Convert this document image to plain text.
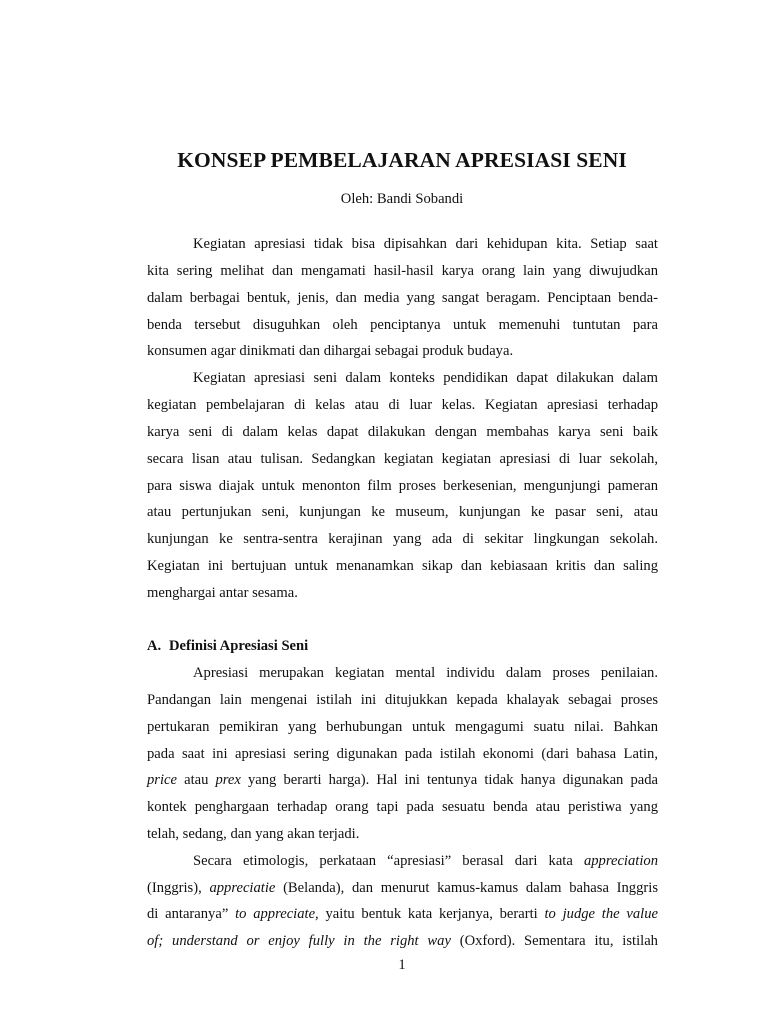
KONSEP PEMBELAJARAN APRESIASI SENI
Oleh: Bandi Sobandi
Kegiatan apresiasi tidak bisa dipisahkan dari kehidupan kita. Setiap saat
kita sering melihat dan mengamati hasil-hasil karya orang lain yang diwujudkan
dalam berbagai bentuk, jenis, dan media yang sangat beragam. Penciptaan benda-
benda tersebut disuguhkan oleh penciptanya untuk memenuhi tuntutan para
konsumen agar dinikmati dan dihargai sebagai produk budaya.
Kegiatan apresiasi seni dalam konteks pendidikan dapat dilakukan dalam
kegiatan pembelajaran di kelas atau di luar kelas. Kegiatan apresiasi terhadap
karya seni di dalam kelas dapat dilakukan dengan membahas karya seni baik
secara lisan atau tulisan. Sedangkan kegiatan kegiatan apresiasi di luar sekolah,
para siswa diajak untuk menonton film proses berkesenian, mengunjungi pameran
atau pertunjukan seni, kunjungan ke museum, kunjungan ke pasar seni, atau
kunjungan ke sentra-sentra kerajinan yang ada di sekitar lingkungan sekolah.
Kegiatan ini bertujuan untuk menanamkan sikap dan kebiasaan kritis dan saling
menghargai antar sesama.
A. Definisi Apresiasi Seni
Apresiasi merupakan kegiatan mental individu dalam proses penilaian.
Pandangan lain mengenai istilah ini ditujukkan kepada khalayak sebagai proses
pertukaran pemikiran yang berhubungan untuk mengagumi suatu nilai. Bahkan
pada saat ini apresiasi sering digunakan pada istilah ekonomi (dari bahasa Latin,
price atau prex yang berarti harga). Hal ini tentunya tidak hanya digunakan pada
kontek penghargaan terhadap orang tapi pada sesuatu benda atau peristiwa yang
telah, sedang, dan yang akan terjadi.
Secara etimologis, perkataan “apresiasi” berasal dari kata appreciation
(Inggris), appreciatie (Belanda), dan menurut kamus-kamus dalam bahasa Inggris
di antaranya” to appreciate, yaitu bentuk kata kerjanya, berarti to judge the value
of; understand or enjoy fully in the right way (Oxford). Sementara itu, istilah
1
